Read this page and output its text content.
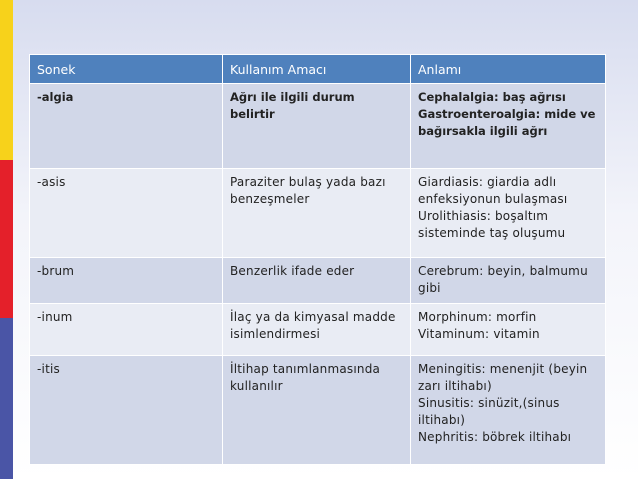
Sonek	Kullanım Amacı	Anlamı
-algia	Ağrı ile ilgili durum belirtir	Cephalalgia: baş ağrısı
Gastroenteroalgia: mide ve bağırsakla ilgili ağrı

-asis	Paraziter bulaş yada bazı benzeşmeler	Giardiasis: giardia adlı enfeksiyonun bulaşması
Urolithiasis: boşaltım sisteminde taş oluşumu

-brum	Benzerlik ifade eder	Cerebrum: beyin, balmumu gibi

-inum	İlaç ya da kimyasal madde isimlendirmesi	Morphinum: morfin
Vitaminum: vitamin

-itis	İltihap tanımlanmasında kullanılır	Meningitis: menenjit (beyin zarı iltihabı)
Sinusitis: sinüzit,(sinus iltihabı)
Nephritis: böbrek iltihabı
